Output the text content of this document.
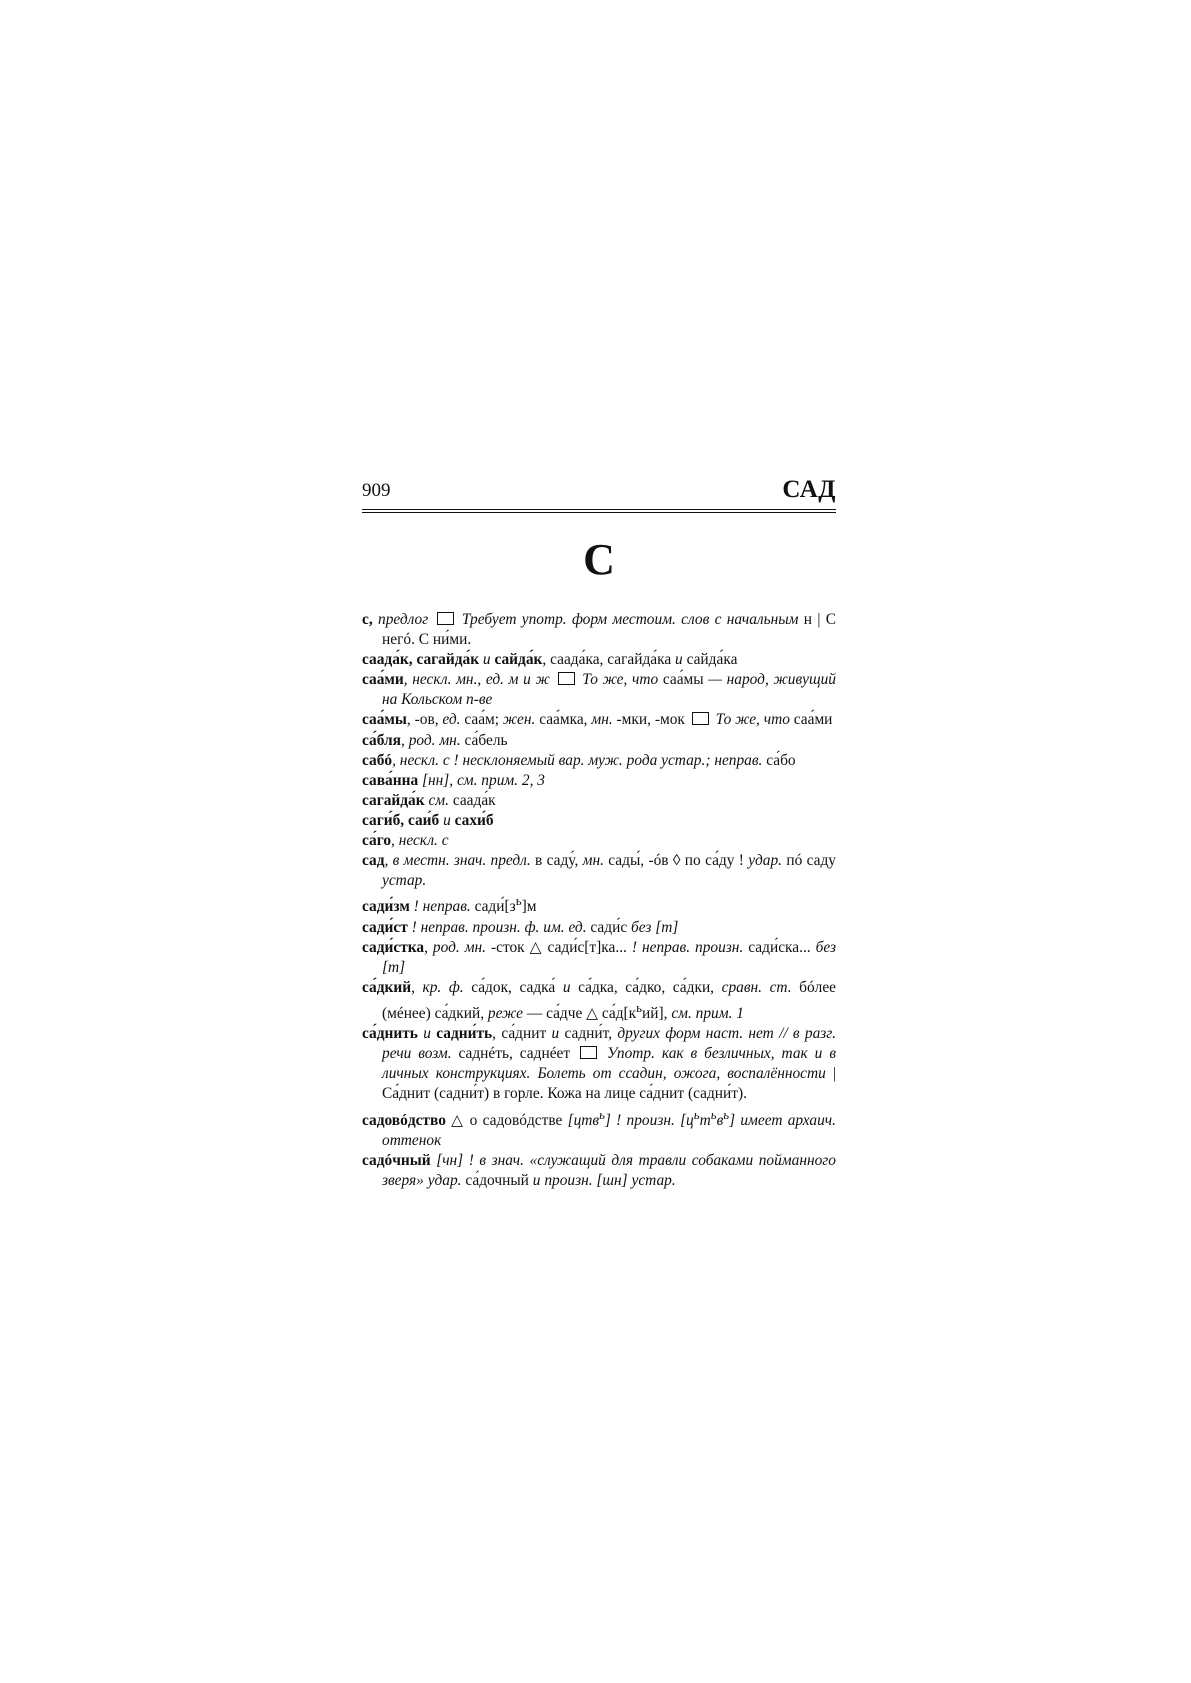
909	САД
С
с, предлог  Требует употр. форм местоим. слов с начальным н | С негó. С ни́ми.
саада́к, сагайда́к и сайда́к, саада́ка, сагайда́ка и сайда́ка
саа́ми, нескл. мн., ед. м и ж  То же, что саа́мы — народ, живущий на Кольском п-ве
саа́мы, -ов, ед. саа́м; жен. саа́мка, мн. -мки, -мок  То же, что саа́ми
са́бля, род. мн. са́бель
сабó, нескл. с ! несклоняемый вар. муж. рода устар.; неправ. са́бо
сава́нна [нн], см. прим. 2, 3
сагайда́к см. саада́к
саги́б, саи́б и сахи́б
са́го, нескл. с
сад, в местн. знач. предл. в саду́, мн. сады́, -óв ◊ по са́ду ! удар. пó саду устар.
сади́зм ! неправ. $сади́[з^ь]м$
сади́ст ! неправ. произн. ф. им. ед. сади́с без [т]
сади́стка, род. мн. -сток △ сади́с[т]ка... ! неправ. произн. сади́ска... без [т]
са́дкий, кр. ф. са́док, садка́ и са́дка, са́дко, са́дки, сравн. ст. бóлее (мéнее) са́дкий, реже — са́дче △ $са́д[к^ьий]$, см. прим. 1
са́днить и садни́ть, са́днит и садни́т, других форм наст. нет // в разг. речи возм. саднéть, саднéет  Употр. как в безличных, так и в личных конструкциях. Болеть от ссадин, ожога, воспалённости | Са́днит (садни́т) в горле. Кожа на лице са́днит (садни́т).
садовóдство △ о садовóдстве [цтв$^ь$] ! произн. $[ц^ьт^ьв^ь]$ имеет архаич. оттенок
садóчный [чн] ! в знач. «служащий для травли собаками пойманного зверя» удар. са́дочный и произн. [шн] устар.
